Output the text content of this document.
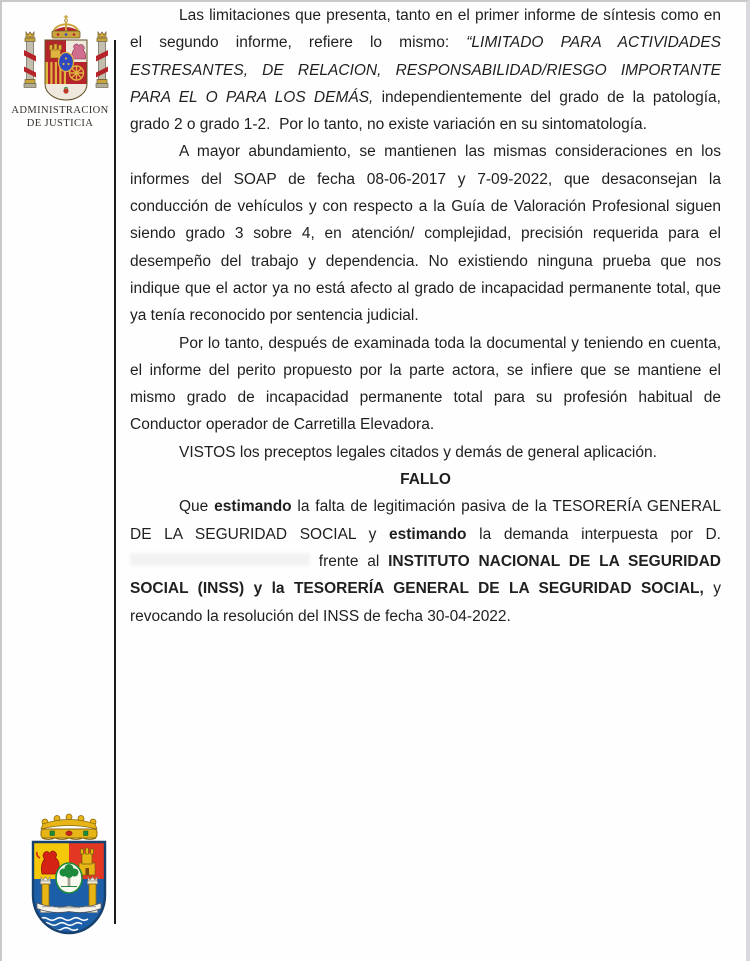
ADMINISTRACION
DE JUSTICIA

Las limitaciones que presenta, tanto en el primer informe de síntesis como en el segundo informe, refiere lo mismo: “LIMITADO PARA ACTIVIDADES ESTRESANTES, DE RELACION, RESPONSABILIDAD/RIESGO IMPORTANTE PARA EL O PARA LOS DEMÁS, independientemente del grado de la patología, grado 2 o grado 1-2.  Por lo tanto, no existe variación en su sintomatología.

A mayor abundamiento, se mantienen las mismas consideraciones en los informes del SOAP de fecha 08-06-2017 y 7-09-2022, que desaconsejan la conducción de vehículos y con respecto a la Guía de Valoración Profesional siguen siendo grado 3 sobre 4, en atención/ complejidad, precisión requerida para el desempeño del trabajo y dependencia. No existiendo ninguna prueba que nos indique que el actor ya no está afecto al grado de incapacidad permanente total, que ya tenía reconocido por sentencia judicial.

Por lo tanto, después de examinada toda la documental y teniendo en cuenta, el informe del perito propuesto por la parte actora, se infiere que se mantiene el mismo grado de incapacidad permanente total para su profesión habitual de Conductor operador de Carretilla Elevadora.

VISTOS los preceptos legales citados y demás de general aplicación.

FALLO

Que estimando la falta de legitimación pasiva de la TESORERÍA GENERAL DE LA SEGURIDAD SOCIAL y estimando la demanda interpuesta por D.  frente al INSTITUTO NACIONAL DE LA SEGURIDAD SOCIAL (INSS) y la TESORERÍA GENERAL DE LA SEGURIDAD SOCIAL, y revocando la resolución del INSS de fecha 30-04-2022.
